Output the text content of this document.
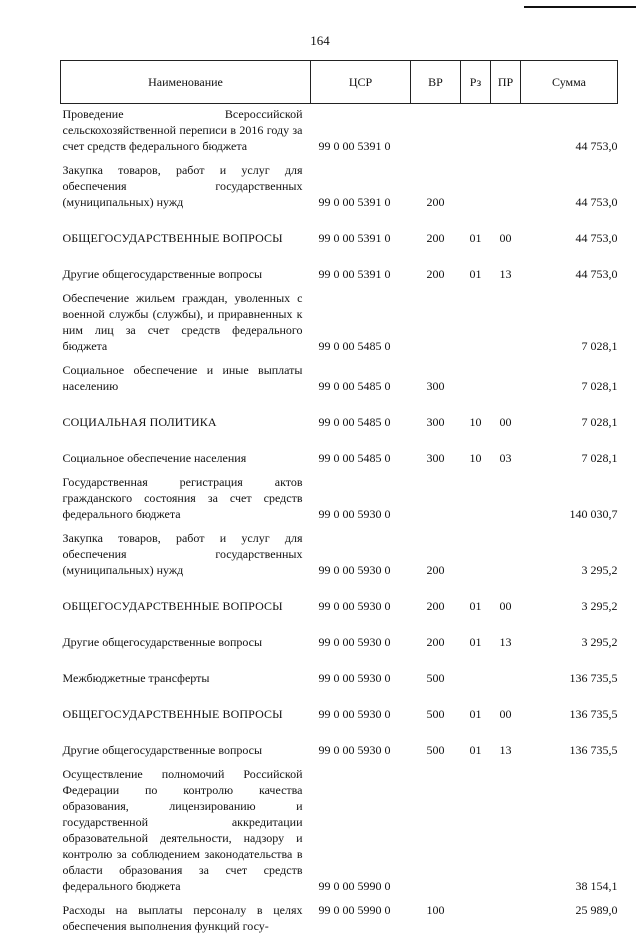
164
Наименование	ЦСР	ВР	Рз	ПР	Сумма
Проведение Всероссийской сельскохозяйственной переписи в 2016 году за счет средств федерального бюджета	99 0 00 5391 0				44 753,0
Закупка товаров, работ и услуг для обеспечения государственных (муниципальных) нужд	99 0 00 5391 0	200			44 753,0
ОБЩЕГОСУДАРСТВЕННЫЕ ВОПРОСЫ	99 0 00 5391 0	200	01	00	44 753,0
Другие общегосударственные вопросы	99 0 00 5391 0	200	01	13	44 753,0
Обеспечение жильем граждан, уволенных с военной службы (службы), и приравненных к ним лиц за счет средств федерального бюджета	99 0 00 5485 0				7 028,1
Социальное обеспечение и иные выплаты населению	99 0 00 5485 0	300			7 028,1
СОЦИАЛЬНАЯ ПОЛИТИКА	99 0 00 5485 0	300	10	00	7 028,1
Социальное обеспечение населения	99 0 00 5485 0	300	10	03	7 028,1
Государственная регистрация актов гражданского состояния за счет средств федерального бюджета	99 0 00 5930 0				140 030,7
Закупка товаров, работ и услуг для обеспечения государственных (муниципальных) нужд	99 0 00 5930 0	200			3 295,2
ОБЩЕГОСУДАРСТВЕННЫЕ ВОПРОСЫ	99 0 00 5930 0	200	01	00	3 295,2
Другие общегосударственные вопросы	99 0 00 5930 0	200	01	13	3 295,2
Межбюджетные трансферты	99 0 00 5930 0	500			136 735,5
ОБЩЕГОСУДАРСТВЕННЫЕ ВОПРОСЫ	99 0 00 5930 0	500	01	00	136 735,5
Другие общегосударственные вопросы	99 0 00 5930 0	500	01	13	136 735,5
Осуществление полномочий Российской Федерации по контролю качества образования, лицензированию и государственной аккредитации образовательной деятельности, надзору и контролю за соблюдением законодательства в области образования за счет средств федерального бюджета	99 0 00 5990 0				38 154,1
Расходы на выплаты персоналу в целях обеспечения выполнения функций госу-	99 0 00 5990 0	100			25 989,0
